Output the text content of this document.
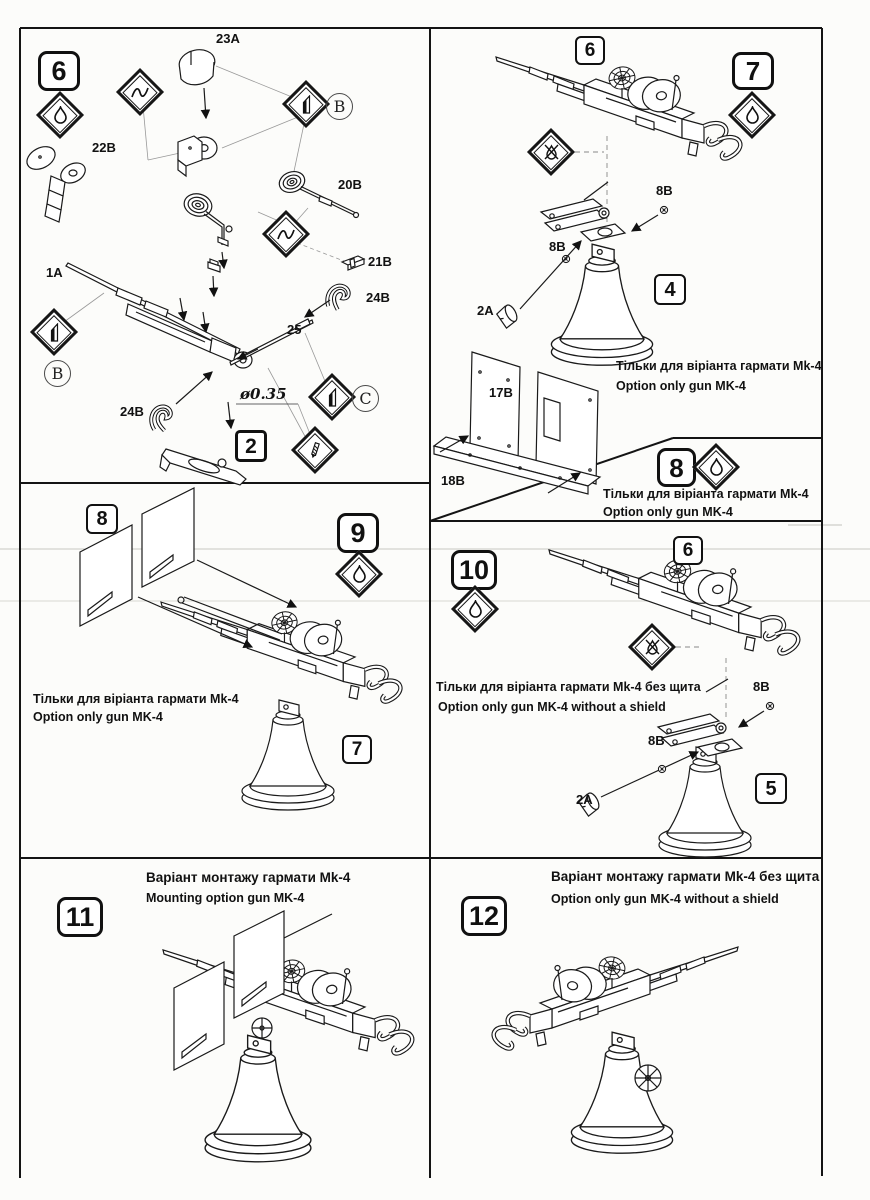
6
6
7
4
8
8	9
7
10
6
5
11	12
2
B
B
C
23A
22B
20B
21B
1A
24B
25
24B
ø0.35
8B
8B
2A
17B
18B
8B
8B
2A
Тільки для віріанта гармати Mk-4
Option only gun MK-4
Тільки для віріанта гармати Mk-4
Option only gun MK-4
Тільки для віріанта гармати Mk-4
Option only gun MK-4
Тільки для віріанта гармати Mk-4 без щита
Option only gun MK-4 without a shield
Варіант монтажу гармати Mk-4
Mounting option gun MK-4
Варіант монтажу гармати Mk-4 без щита
Option only gun MK-4 without a shield
